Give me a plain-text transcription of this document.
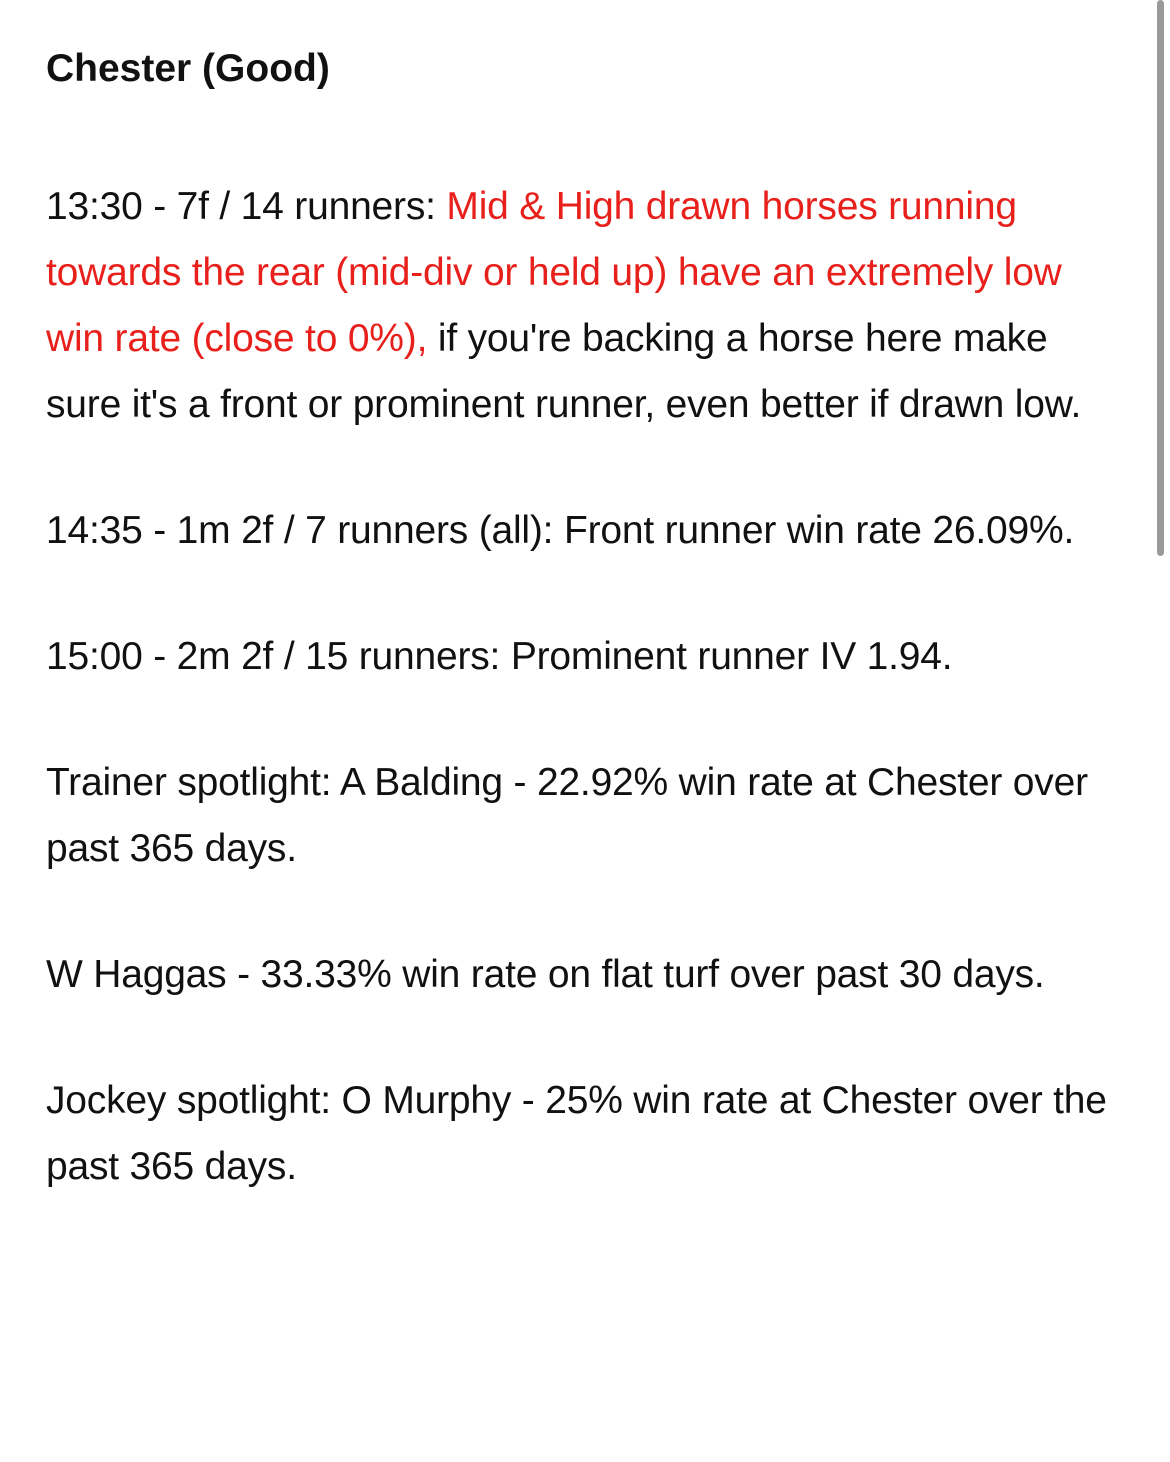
Chester (Good)
13:30 - 7f / 14 runners: Mid & High drawn horses running towards the rear (mid-div or held up) have an extremely low win rate (close to 0%), if you're backing a horse here make sure it's a front or prominent runner, even better if drawn low.
14:35 - 1m 2f / 7 runners (all): Front runner win rate 26.09%.
15:00 - 2m 2f / 15 runners: Prominent runner IV 1.94.
Trainer spotlight: A Balding - 22.92% win rate at Chester over past 365 days.
W Haggas - 33.33% win rate on flat turf over past 30 days.
Jockey spotlight: O Murphy - 25% win rate at Chester over the past 365 days.
